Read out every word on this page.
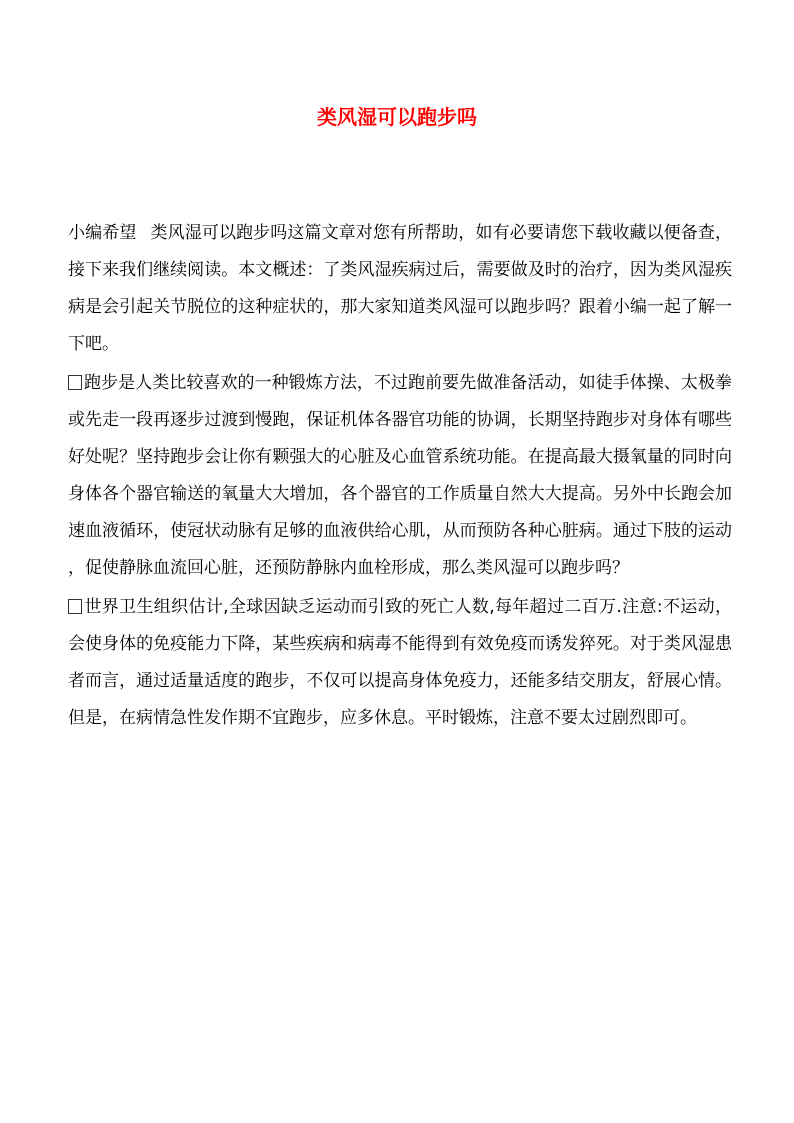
类风湿可以跑步吗

小编希望 类风湿可以跑步吗这篇文章对您有所帮助，如有必要请您下载收藏以便备查，接下来我们继续阅读。本文概述：了类风湿疾病过后，需要做及时的治疗，因为类风湿疾病是会引起关节脱位的这种症状的，那大家知道类风湿可以跑步吗？跟着小编一起了解一下吧。

跑步是人类比较喜欢的一种锻炼方法，不过跑前要先做准备活动，如徒手体操、太极拳或先走一段再逐步过渡到慢跑，保证机体各器官功能的协调，长期坚持跑步对身体有哪些好处呢？坚持跑步会让你有颗强大的心脏及心血管系统功能。在提高最大摄氧量的同时向身体各个器官输送的氧量大大增加，各个器官的工作质量自然大大提高。另外中长跑会加速血液循环，使冠状动脉有足够的血液供给心肌，从而预防各种心脏病。通过下肢的运动，促使静脉血流回心脏，还预防静脉内血栓形成，那么类风湿可以跑步吗？

世界卫生组织估计,全球因缺乏运动而引致的死亡人数,每年超过二百万.注意:不运动，会使身体的免疫能力下降，某些疾病和病毒不能得到有效免疫而诱发猝死。对于类风湿患者而言，通过适量适度的跑步，不仅可以提高身体免疫力，还能多结交朋友，舒展心情。但是，在病情急性发作期不宜跑步，应多休息。平时锻炼，注意不要太过剧烈即可。
